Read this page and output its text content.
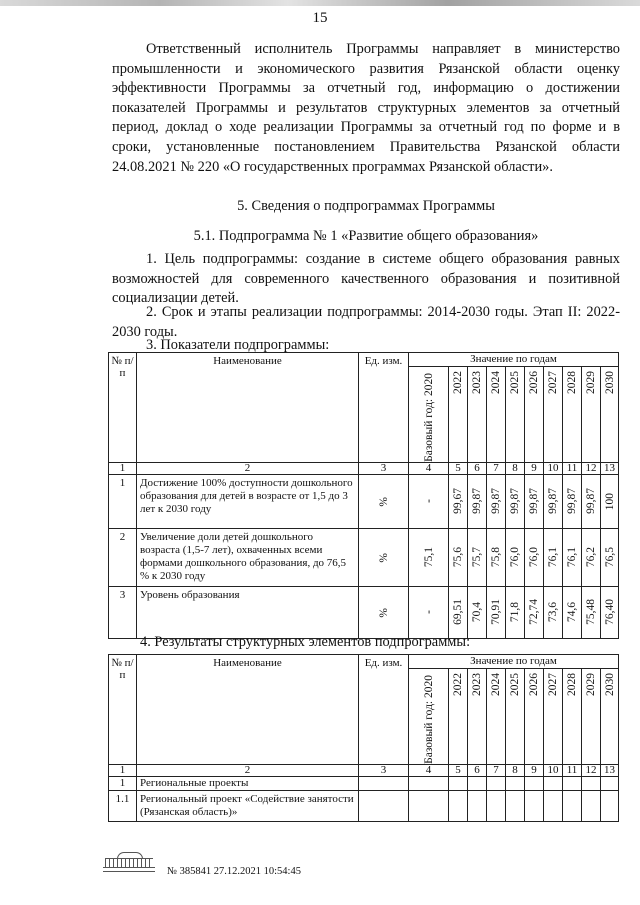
15

Ответственный исполнитель Программы направляет в министерство промышленности и экономического развития Рязанской области оценку эффективности Программы за отчетный год, информацию о достижении показателей Программы и результатов структурных элементов за отчетный период, доклад о ходе реализации Программы за отчетный год по форме и в сроки, установленные постановлением Правительства Рязанской области 24.08.2021 № 220 «О государственных программах Рязанской области».

5. Сведения о подпрограммах Программы

5.1. Подпрограмма № 1 «Развитие общего образования»

1. Цель подпрограммы: создание в системе общего образования равных возможностей для современного качественного образования и позитивной социализации детей.

2. Срок и этапы реализации подпрограммы: 2014-2030 годы. Этап II: 2022-2030 годы.

3. Показатели подпрограммы:

№ п/п	Наименование	Ед. изм.	Значение по годам									

			Базовый год: 2020	2022	2023	2024	2025	2026	2027	2028	2029	2030

1	2	3	4	5	6	7	8	9	10	11	12	13
1	Достижение 100% доступности дошкольного образования для детей в возрасте от 1,5 до 3 лет к 2030 году	%	-	99,67	99,87	99,87	99,87	99,87	99,87	99,87	99,87	100

2	Увеличение доли детей дошкольного возраста (1,5-7 лет), охваченных всеми формами дошкольного образования, до 76,5 % к 2030 году	%	75,1	75,6	75,7	75,8	76,0	76,0	76,1	76,1	76,2	76,5

3	Уровень образования	%	-	69,51	70,4	70,91	71,8	72,74	73,6	74,6	75,48	76,40

4. Результаты структурных элементов подпрограммы:

№ п/п	Наименование	Ед. изм.	Значение по годам									

			Базовый год: 2020	2022	2023	2024	2025	2026	2027	2028	2029	2030

1	2	3	4	5	6	7	8	9	10	11	12	13
1	Региональные проекты											
1.1	Региональный проект «Содействие занятости (Рязанская область)»											
№ 385841 27.12.2021 10:54:45
